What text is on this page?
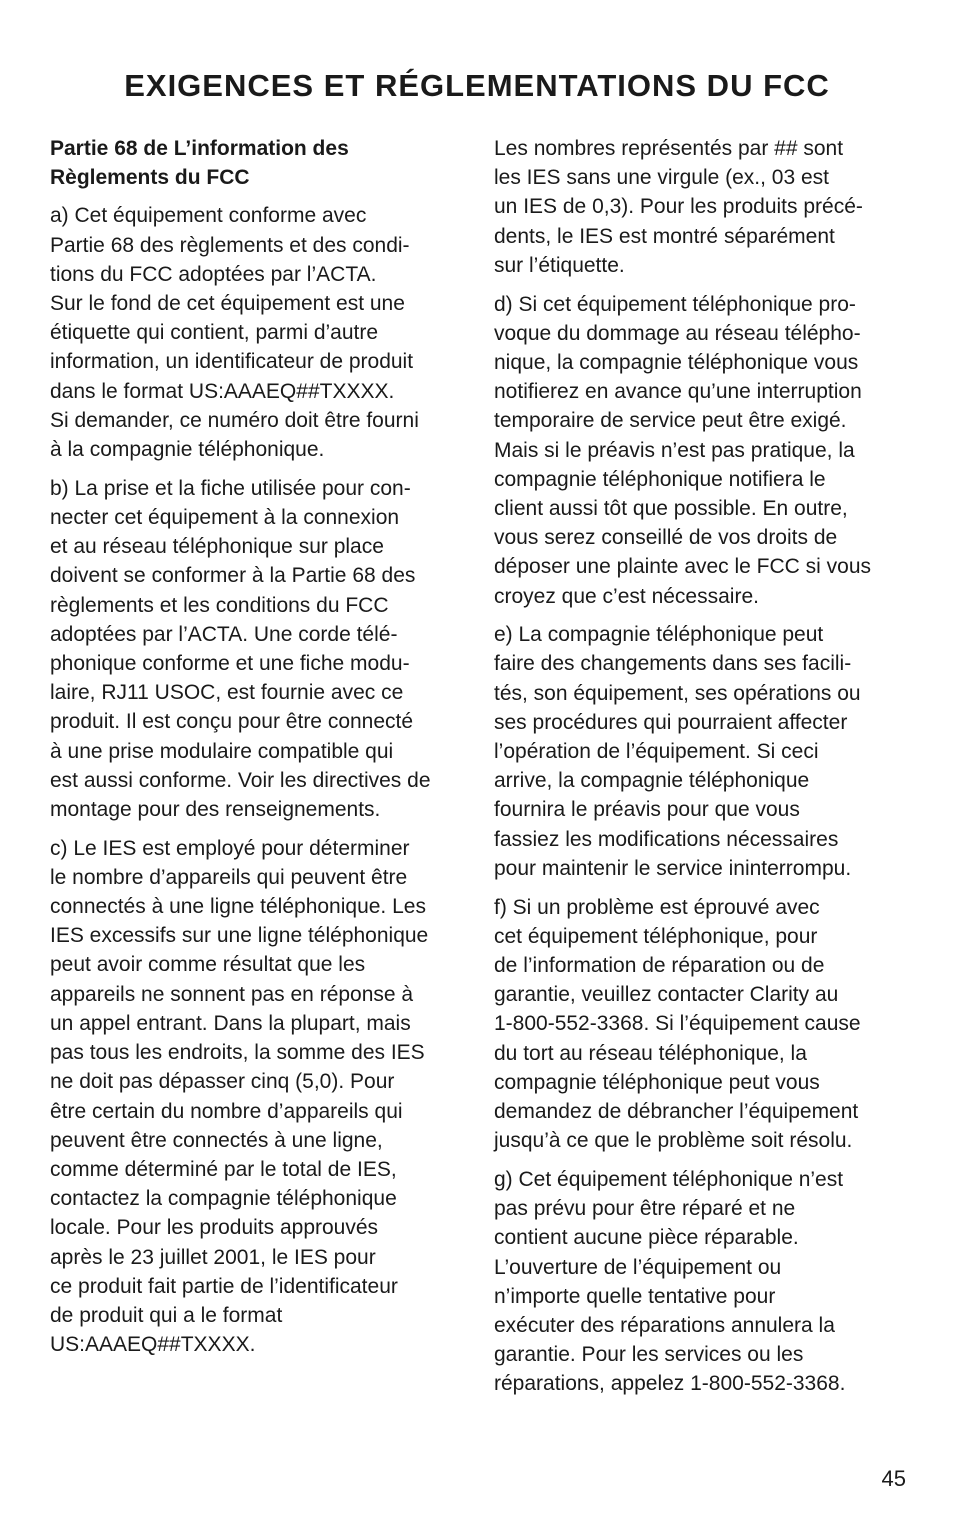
EXIGENCES ET RÉGLEMENTATIONS DU FCC
Partie 68 de L’information des
Règlements du FCC
a) Cet équipement conforme avec
Partie 68 des règlements et des condi-
tions du FCC adoptées par l’ACTA.
Sur le fond de cet équipement est une
étiquette qui contient, parmi d’autre
information, un identificateur de produit
dans le format US:AAAEQ##TXXXX.
Si demander, ce numéro doit être fourni
à la compagnie téléphonique.
b) La prise et la fiche utilisée pour con-
necter cet équipement à la connexion
et au réseau téléphonique sur place
doivent se conformer à la Partie 68 des
règlements et les conditions du FCC
adoptées par l’ACTA. Une corde télé-
phonique conforme et une fiche modu-
laire, RJ11 USOC, est fournie avec ce
produit. Il est conçu pour être connecté
à une prise modulaire compatible qui
est aussi conforme. Voir les directives de
montage pour des renseignements.
c) Le IES est employé pour déterminer
le nombre d’appareils qui peuvent être
connectés à une ligne téléphonique. Les
IES excessifs sur une ligne téléphonique
peut avoir comme résultat que les
appareils ne sonnent pas en réponse à
un appel entrant. Dans la plupart, mais
pas tous les endroits, la somme des IES
ne doit pas dépasser cinq (5,0). Pour
être certain du nombre d’appareils qui
peuvent être connectés à une ligne,
comme déterminé par le total de IES,
contactez la compagnie téléphonique
locale. Pour les produits approuvés
après le 23 juillet 2001, le IES pour
ce produit fait partie de l’identificateur
de produit qui a le format
US:AAAEQ##TXXXX.
Les nombres représentés par ## sont
les IES sans une virgule (ex., 03 est
un IES de 0,3). Pour les produits précé-
dents, le IES est montré séparément
sur l’étiquette.
d) Si cet équipement téléphonique pro-
voque du dommage au réseau télépho-
nique, la compagnie téléphonique vous
notifierez en avance qu’une interruption
temporaire de service peut être exigé.
Mais si le préavis n’est pas pratique, la
compagnie téléphonique notifiera le
client aussi tôt que possible. En outre,
vous serez conseillé de vos droits de
déposer une plainte avec le FCC si vous
croyez que c’est nécessaire.
e) La compagnie téléphonique peut
faire des changements dans ses facili-
tés, son équipement, ses opérations ou
ses procédures qui pourraient affecter
l’opération de l’équipement. Si ceci
arrive, la compagnie téléphonique
fournira le préavis pour que vous
fassiez les modifications nécessaires
pour maintenir le service ininterrompu.
f) Si un problème est éprouvé avec
cet équipement téléphonique, pour
de l’information de réparation ou de
garantie, veuillez contacter Clarity au
1-800-552-3368. Si l’équipement cause
du tort au réseau téléphonique, la
compagnie téléphonique peut vous
demandez de débrancher l’équipement
jusqu’à ce que le problème soit résolu.
g) Cet équipement téléphonique n’est
pas prévu pour être réparé et ne
contient aucune pièce réparable.
L’ouverture de l’équipement ou
n’importe quelle tentative pour
exécuter des réparations annulera la
garantie. Pour les services ou les
réparations, appelez 1-800-552-3368.
45
